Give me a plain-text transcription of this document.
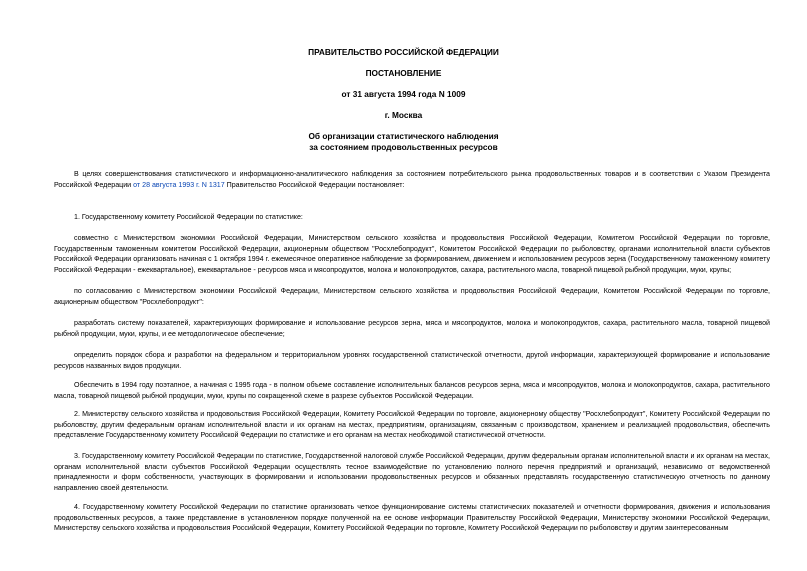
ПРАВИТЕЛЬСТВО РОССИЙСКОЙ ФЕДЕРАЦИИ
ПОСТАНОВЛЕНИЕ
от 31 августа 1994 года N 1009
г. Москва
Об организации статистического наблюдения
за состоянием продовольственных ресурсов

В целях совершенствования статистического и информационно-аналитического наблюдения за состоянием потребительского рынка продовольственных товаров и в соответствии с Указом Президента Российской Федерации от 28 августа 1993 г. N 1317 Правительство Российской Федерации постановляет:

1. Государственному комитету Российской Федерации по статистике:

совместно с Министерством экономики Российской Федерации, Министерством сельского хозяйства и продовольствия Российской Федерации, Комитетом Российской Федерации по торговле, Государственным таможенным комитетом Российской Федерации, акционерным обществом "Росхлебопродукт", Комитетом Российской Федерации по рыболовству, органами исполнительной власти субъектов Российской Федерации организовать начиная с 1 октября 1994 г. ежемесячное оперативное наблюдение за формированием, движением и использованием ресурсов зерна (Государственному таможенному комитету Российской Федерации - ежеквартальное), ежеквартальное - ресурсов мяса и мясопродуктов, молока и молокопродуктов, сахара, растительного масла, товарной пищевой рыбной продукции, муки, крупы;

по согласованию с Министерством экономики Российской Федерации, Министерством сельского хозяйства и продовольствия Российской Федерации, Комитетом Российской Федерации по торговле, акционерным обществом "Росхлебопродукт":

разработать систему показателей, характеризующих формирование и использование ресурсов зерна, мяса и мясопродуктов, молока и молокопродуктов, сахара, растительного масла, товарной пищевой рыбной продукции, муки, крупы, и ее методологическое обеспечение;

определить порядок сбора и разработки на федеральном и территориальном уровнях государственной статистической отчетности, другой информации, характеризующей формирование и использование ресурсов названных видов продукции.

Обеспечить в 1994 году поэтапное, а начиная с 1995 года - в полном объеме составление исполнительных балансов ресурсов зерна, мяса и мясопродуктов, молока и молокопродуктов, сахара, растительного масла, товарной пищевой рыбной продукции, муки, крупы по сокращенной схеме в разрезе субъектов Российской Федерации.

2. Министерству сельского хозяйства и продовольствия Российской Федерации, Комитету Российской Федерации по торговле, акционерному обществу "Росхлебопродукт", Комитету Российской Федерации по рыболовству, другим федеральным органам исполнительной власти и их органам на местах, предприятиям, организациям, связанным с производством, хранением и реализацией продовольствия, обеспечить представление Государственному комитету Российской Федерации по статистике и его органам на местах необходимой статистической отчетности.

3. Государственному комитету Российской Федерации по статистике, Государственной налоговой службе Российской Федерации, другим федеральным органам исполнительной власти и их органам на местах, органам исполнительной власти субъектов Российской Федерации осуществлять тесное взаимодействие по установлению полного перечня предприятий и организаций, независимо от ведомственной принадлежности и форм собственности, участвующих в формировании и использовании продовольственных ресурсов и обязанных представлять государственную статистическую отчетность по данному направлению своей деятельности.

4. Государственному комитету Российской Федерации по статистике организовать четкое функционирование системы статистических показателей и отчетности формирования, движения и использования продовольственных ресурсов, а также представление в установленном порядке полученной на ее основе информации Правительству Российской Федерации, Министерству экономики Российской Федерации, Министерству сельского хозяйства и продовольствия Российской Федерации, Комитету Российской Федерации по торговле, Комитету Российской Федерации по рыболовству и другим заинтересованным
